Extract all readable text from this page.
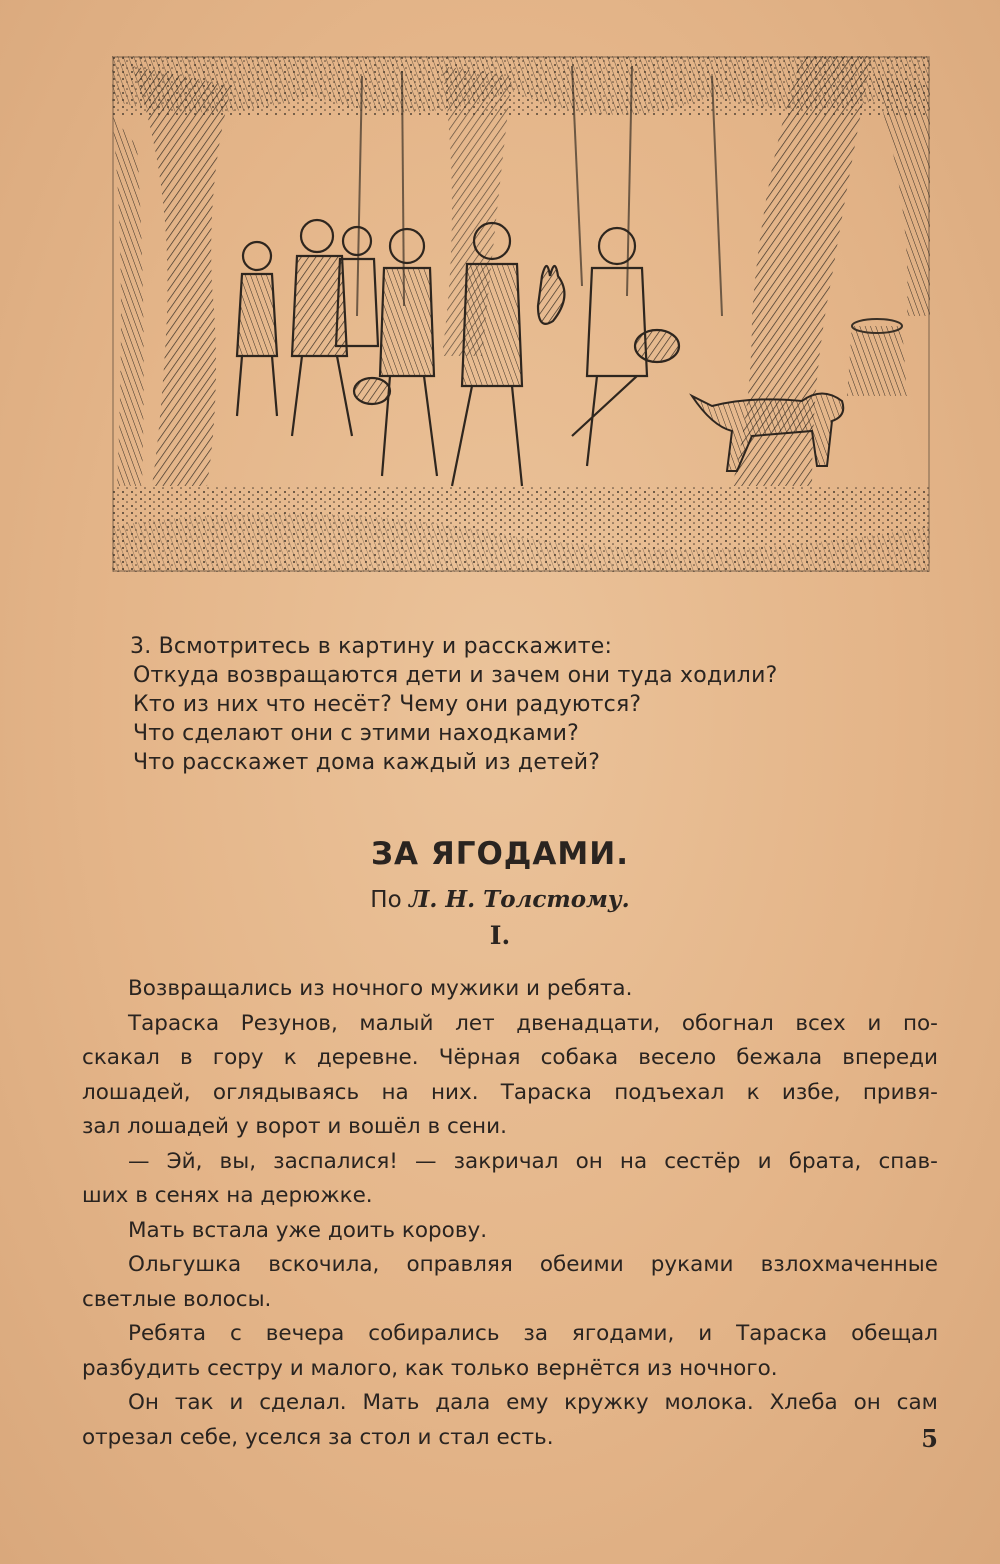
3. Всмотритесь в картину и расскажите:
Откуда возвращаются дети и зачем они туда ходили?
Кто из них что несёт? Чему они радуются?
Что сделают они с этими находками?
Что расскажет дома каждый из детей?
ЗА ЯГОДАМИ.
По Л. Н. Толстому.
I.
Возвращались из ночного мужики и ребята.
Тараска Резунов, малый лет двенадцати, обогнал всех и по-
скакал в гору к деревне. Чёрная собака весело бежала впереди
лошадей, оглядываясь на них. Тараска подъехал к избе, привя-
зал лошадей у ворот и вошёл в сени.
— Эй, вы, заспалися! — закричал он на сестёр и брата, спав-
ших в сенях на дерюжке.
Мать встала уже доить корову.
Ольгушка вскочила, оправляя обеими руками взлохмаченные
светлые волосы.
Ребята с вечера собирались за ягодами, и Тараска обещал
разбудить сестру и малого, как только вернётся из ночного.
Он так и сделал. Мать дала ему кружку молока. Хлеба он сам
отрезал себе, уселся за стол и стал есть.	5
